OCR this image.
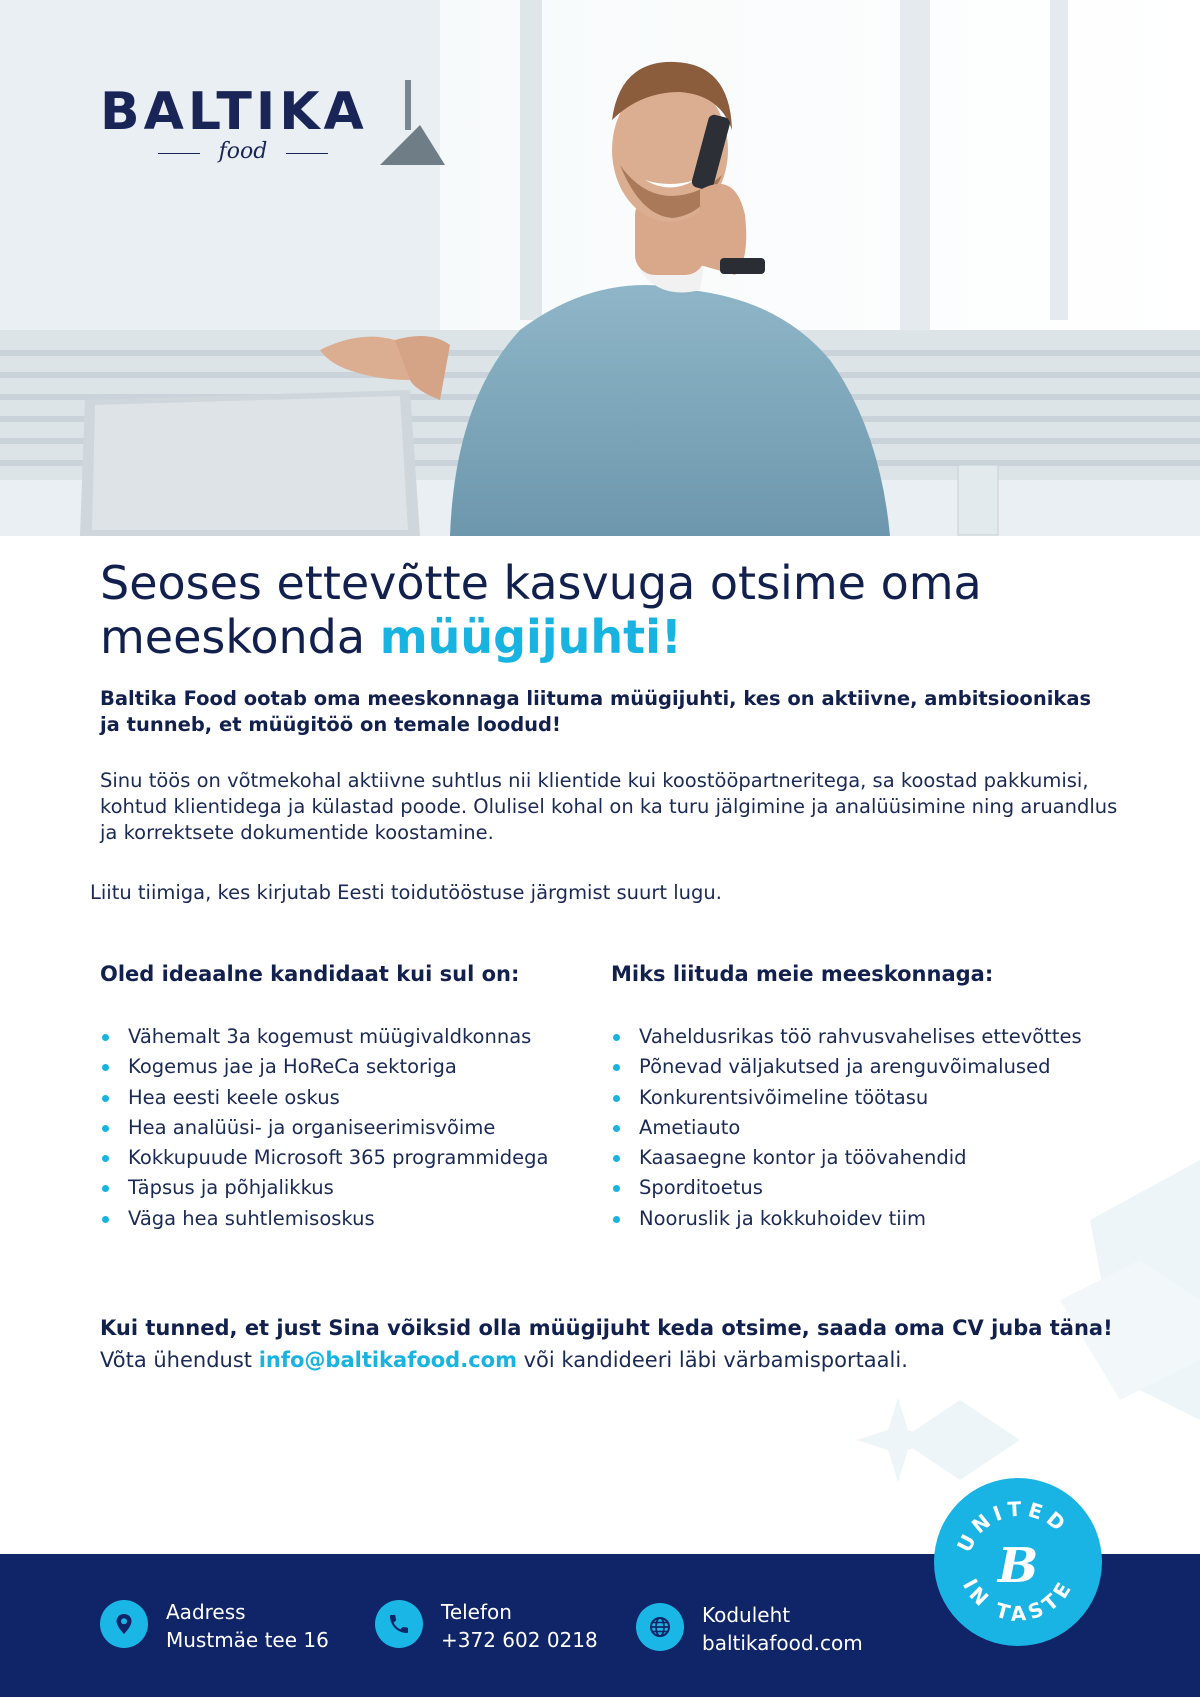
BALTIKA
food
Seoses ettevõtte kasvuga otsime oma
meeskonda müügijuhti!
Baltika Food ootab oma meeskonnaga liituma müügijuhti, kes on aktiivne, ambitsioonikas ja tunneb, et müügitöö on temale loodud!
Sinu töös on võtmekohal aktiivne suhtlus nii klientide kui koostööpartneritega, sa koostad pakkumisi, kohtud klientidega ja külastad poode. Olulisel kohal on ka turu jälgimine ja analüüsimine ning aruandlus ja korrektsete dokumentide koostamine.
Liitu tiimiga, kes kirjutab Eesti toidutööstuse järgmist suurt lugu.
Oled ideaalne kandidaat kui sul on:
Vähemalt 3a kogemust müügivaldkonnas
Kogemus jae ja HoReCa sektoriga
Hea eesti keele oskus
Hea analüüsi- ja organiseerimisvõime
Kokkupuude Microsoft 365 programmidega
Täpsus ja põhjalikkus
Väga hea suhtlemisoskus
Miks liituda meie meeskonnaga:
Vaheldusrikas töö rahvusvahelises ettevõttes
Põnevad väljakutsed ja arenguvõimalused
Konkurentsivõimeline töötasu
Ametiauto
Kaasaegne kontor ja töövahendid
Sporditoetus
Nooruslik ja kokkuhoidev tiim
Kui tunned, et just Sina võiksid olla müügijuht keda otsime, saada oma CV juba täna!
Võta ühendust info@baltikafood.com või kandideeri läbi värbamisportaali.
Aadress
Mustmäe tee 16
Telefon
+372 602 0218
Koduleht
baltikafood.com
UNITED
IN TASTE
B
